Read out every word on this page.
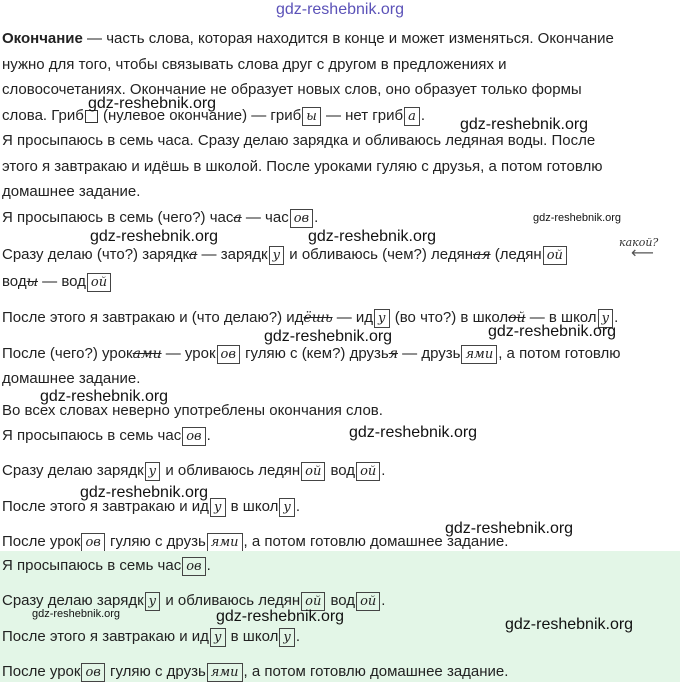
gdz-reshebnik.org
Окончание — часть слова, которая находится в конце и может изменяться. Окончание
нужно для того, чтобы связывать слова друг с другом в предложениях и
словосочетаниях. Окончание не образует новых слов, оно образует только формы
слова. Гриб (нулевое окончание) — гриб ы — нет гриб а .
Я просыпаюсь в семь часа. Сразу делаю зарядка и обливаюсь ледяная воды. После
этого я завтракаю и идёшь в школой. После уроками гуляю с друзья, а потом готовлю
домашнее задание.
Я просыпаюсь в семь (чего?) часа — час ов .
Сразу делаю (что?) зарядка — зарядк у и обливаюсь (чем?) ледяная (ледян ой
какой?
⟵
воды — вод ой
После этого я завтракаю и (что делаю?) идёшь — ид у (во что?) в школой — в школ у .
После (чего?) уроками — урок ов гуляю с (кем?) друзья — друзь ями , а потом готовлю
домашнее задание.
Во всех словах неверно употреблены окончания слов.
Я просыпаюсь в семь час ов .
Сразу делаю зарядк у и обливаюсь ледян ой вод ой .
После этого я завтракаю и ид у в школ у .
После урок ов гуляю с друзь ями , а потом готовлю домашнее задание.
Я просыпаюсь в семь час ов .
Сразу делаю зарядк у и обливаюсь ледян ой вод ой .
После этого я завтракаю и ид у в школ у .
После урок ов гуляю с друзь ями , а потом готовлю домашнее задание.
gdz-reshebnik.org
gdz-reshebnik.org
gdz-reshebnik.org
gdz-reshebnik.org	gdz-reshebnik.org
gdz-reshebnik.org	gdz-reshebnik.org
gdz-reshebnik.org
gdz-reshebnik.org
gdz-reshebnik.org
gdz-reshebnik.org
gdz-reshebnik.org	gdz-reshebnik.org	gdz-reshebnik.org
